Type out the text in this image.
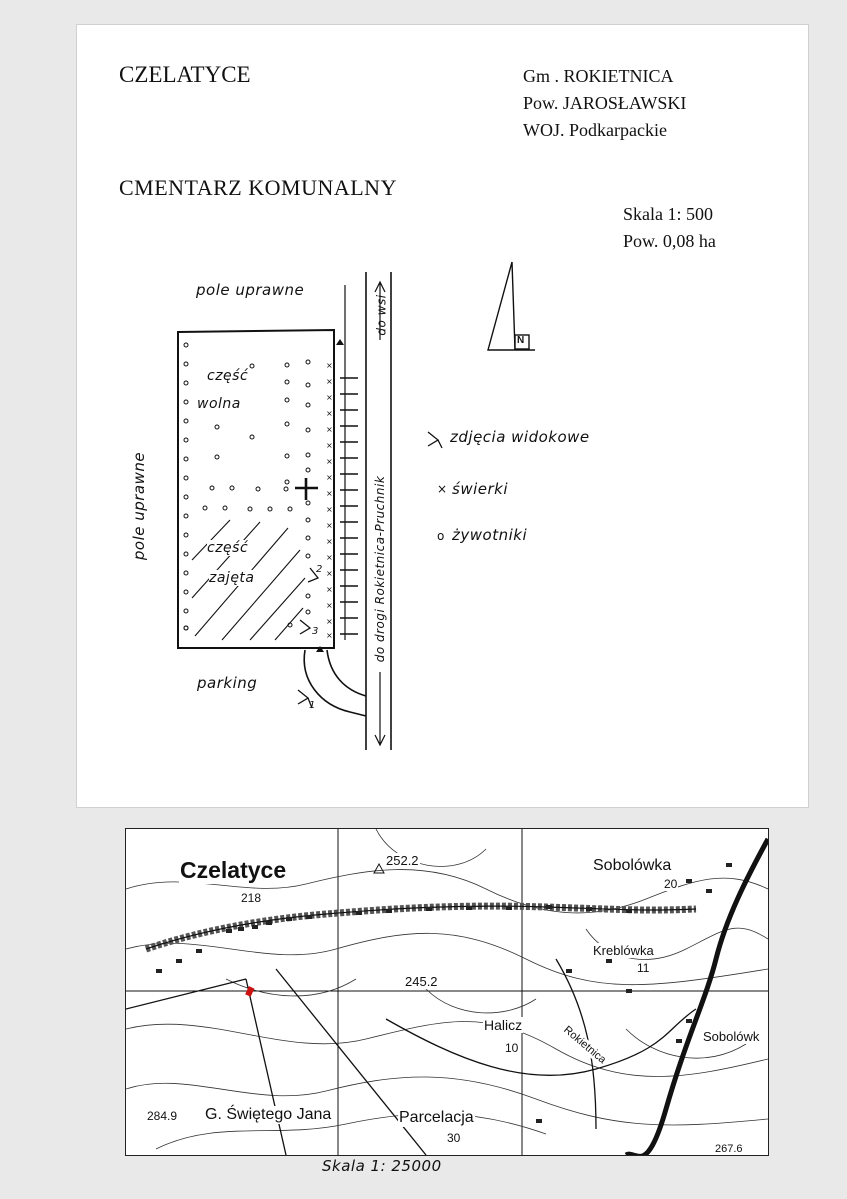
CZELATYCE	Gm . ROKIETNICA
Pow. JAROSŁAWSKI
WOJ. Podkarpackie
CMENTARZ KOMUNALNY
Skala 1: 500
Pow. 0,08 ha
×
×
×
×
×
×
×
×
×
×
×
×
×
×
×
×
×
×
pole uprawne
pole uprawne
część
wolna
część
zajęta
parking
do wsi
do drogi Rokietnica-Pruchnik
N
1
2
3
zdjęcia widokowe
× świerki
o żywotniki
Czelatyce	252.2
218
Sobolówka
20
Kreblówka
11
245.2
Halicz
10	Rokietnica	Sobolówk
284.9 G. Świętego Jana	Parcelacja
30
267.6
Skala 1: 25000
